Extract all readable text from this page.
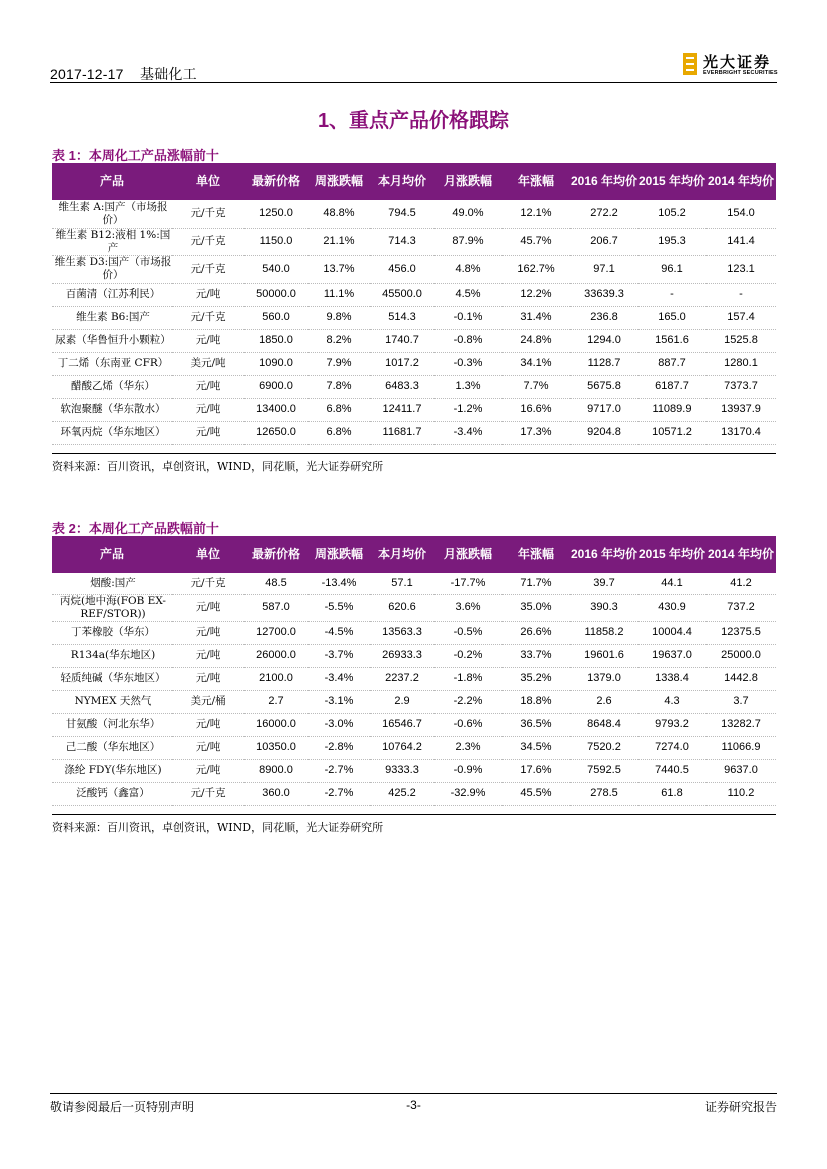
2017-12-17 基础化工
光大证券
EVERBRIGHT SECURITIES
1、重点产品价格跟踪
表 1：本周化工产品涨幅前十
产品	单位	最新价格	周涨跌幅	本月均价	月涨跌幅	年涨幅	2016 年均价	2015 年均价	2014 年均价
维生素 A:国产（市场报价）	元/千克	1250.0	48.8%	794.5	49.0%	12.1%	272.2	105.2	154.0
维生素 B12:液相 1%:国产	元/千克	1150.0	21.1%	714.3	87.9%	45.7%	206.7	195.3	141.4
维生素 D3:国产（市场报价）	元/千克	540.0	13.7%	456.0	4.8%	162.7%	97.1	96.1	123.1
百菌清（江苏利民）	元/吨	50000.0	11.1%	45500.0	4.5%	12.2%	33639.3	-	-
维生素 B6:国产	元/千克	560.0	9.8%	514.3	-0.1%	31.4%	236.8	165.0	157.4
尿素（华鲁恒升小颗粒）	元/吨	1850.0	8.2%	1740.7	-0.8%	24.8%	1294.0	1561.6	1525.8
丁二烯（东南亚 CFR）	美元/吨	1090.0	7.9%	1017.2	-0.3%	34.1%	1128.7	887.7	1280.1
醋酸乙烯（华东）	元/吨	6900.0	7.8%	6483.3	1.3%	7.7%	5675.8	6187.7	7373.7
软泡聚醚（华东散水）	元/吨	13400.0	6.8%	12411.7	-1.2%	16.6%	9717.0	11089.9	13937.9
环氧丙烷（华东地区）	元/吨	12650.0	6.8%	11681.7	-3.4%	17.3%	9204.8	10571.2	13170.4
资料来源：百川资讯，卓创资讯，WIND，同花顺，光大证券研究所
表 2：本周化工产品跌幅前十
产品	单位	最新价格	周涨跌幅	本月均价	月涨跌幅	年涨幅	2016 年均价	2015 年均价	2014 年均价
烟酸:国产	元/千克	48.5	-13.4%	57.1	-17.7%	71.7%	39.7	44.1	41.2
丙烷(地中海(FOB EX-REF/STOR))	元/吨	587.0	-5.5%	620.6	3.6%	35.0%	390.3	430.9	737.2
丁苯橡胶（华东）	元/吨	12700.0	-4.5%	13563.3	-0.5%	26.6%	11858.2	10004.4	12375.5
R134a(华东地区)	元/吨	26000.0	-3.7%	26933.3	-0.2%	33.7%	19601.6	19637.0	25000.0
轻质纯碱（华东地区）	元/吨	2100.0	-3.4%	2237.2	-1.8%	35.2%	1379.0	1338.4	1442.8
NYMEX 天然气	美元/桶	2.7	-3.1%	2.9	-2.2%	18.8%	2.6	4.3	3.7
甘氨酸（河北东华）	元/吨	16000.0	-3.0%	16546.7	-0.6%	36.5%	8648.4	9793.2	13282.7
己二酸（华东地区）	元/吨	10350.0	-2.8%	10764.2	2.3%	34.5%	7520.2	7274.0	11066.9
涤纶 FDY(华东地区)	元/吨	8900.0	-2.7%	9333.3	-0.9%	17.6%	7592.5	7440.5	9637.0
泛酸钙（鑫富）	元/千克	360.0	-2.7%	425.2	-32.9%	45.5%	278.5	61.8	110.2
资料来源：百川资讯，卓创资讯，WIND，同花顺，光大证券研究所
敬请参阅最后一页特别声明	-3-	证券研究报告
